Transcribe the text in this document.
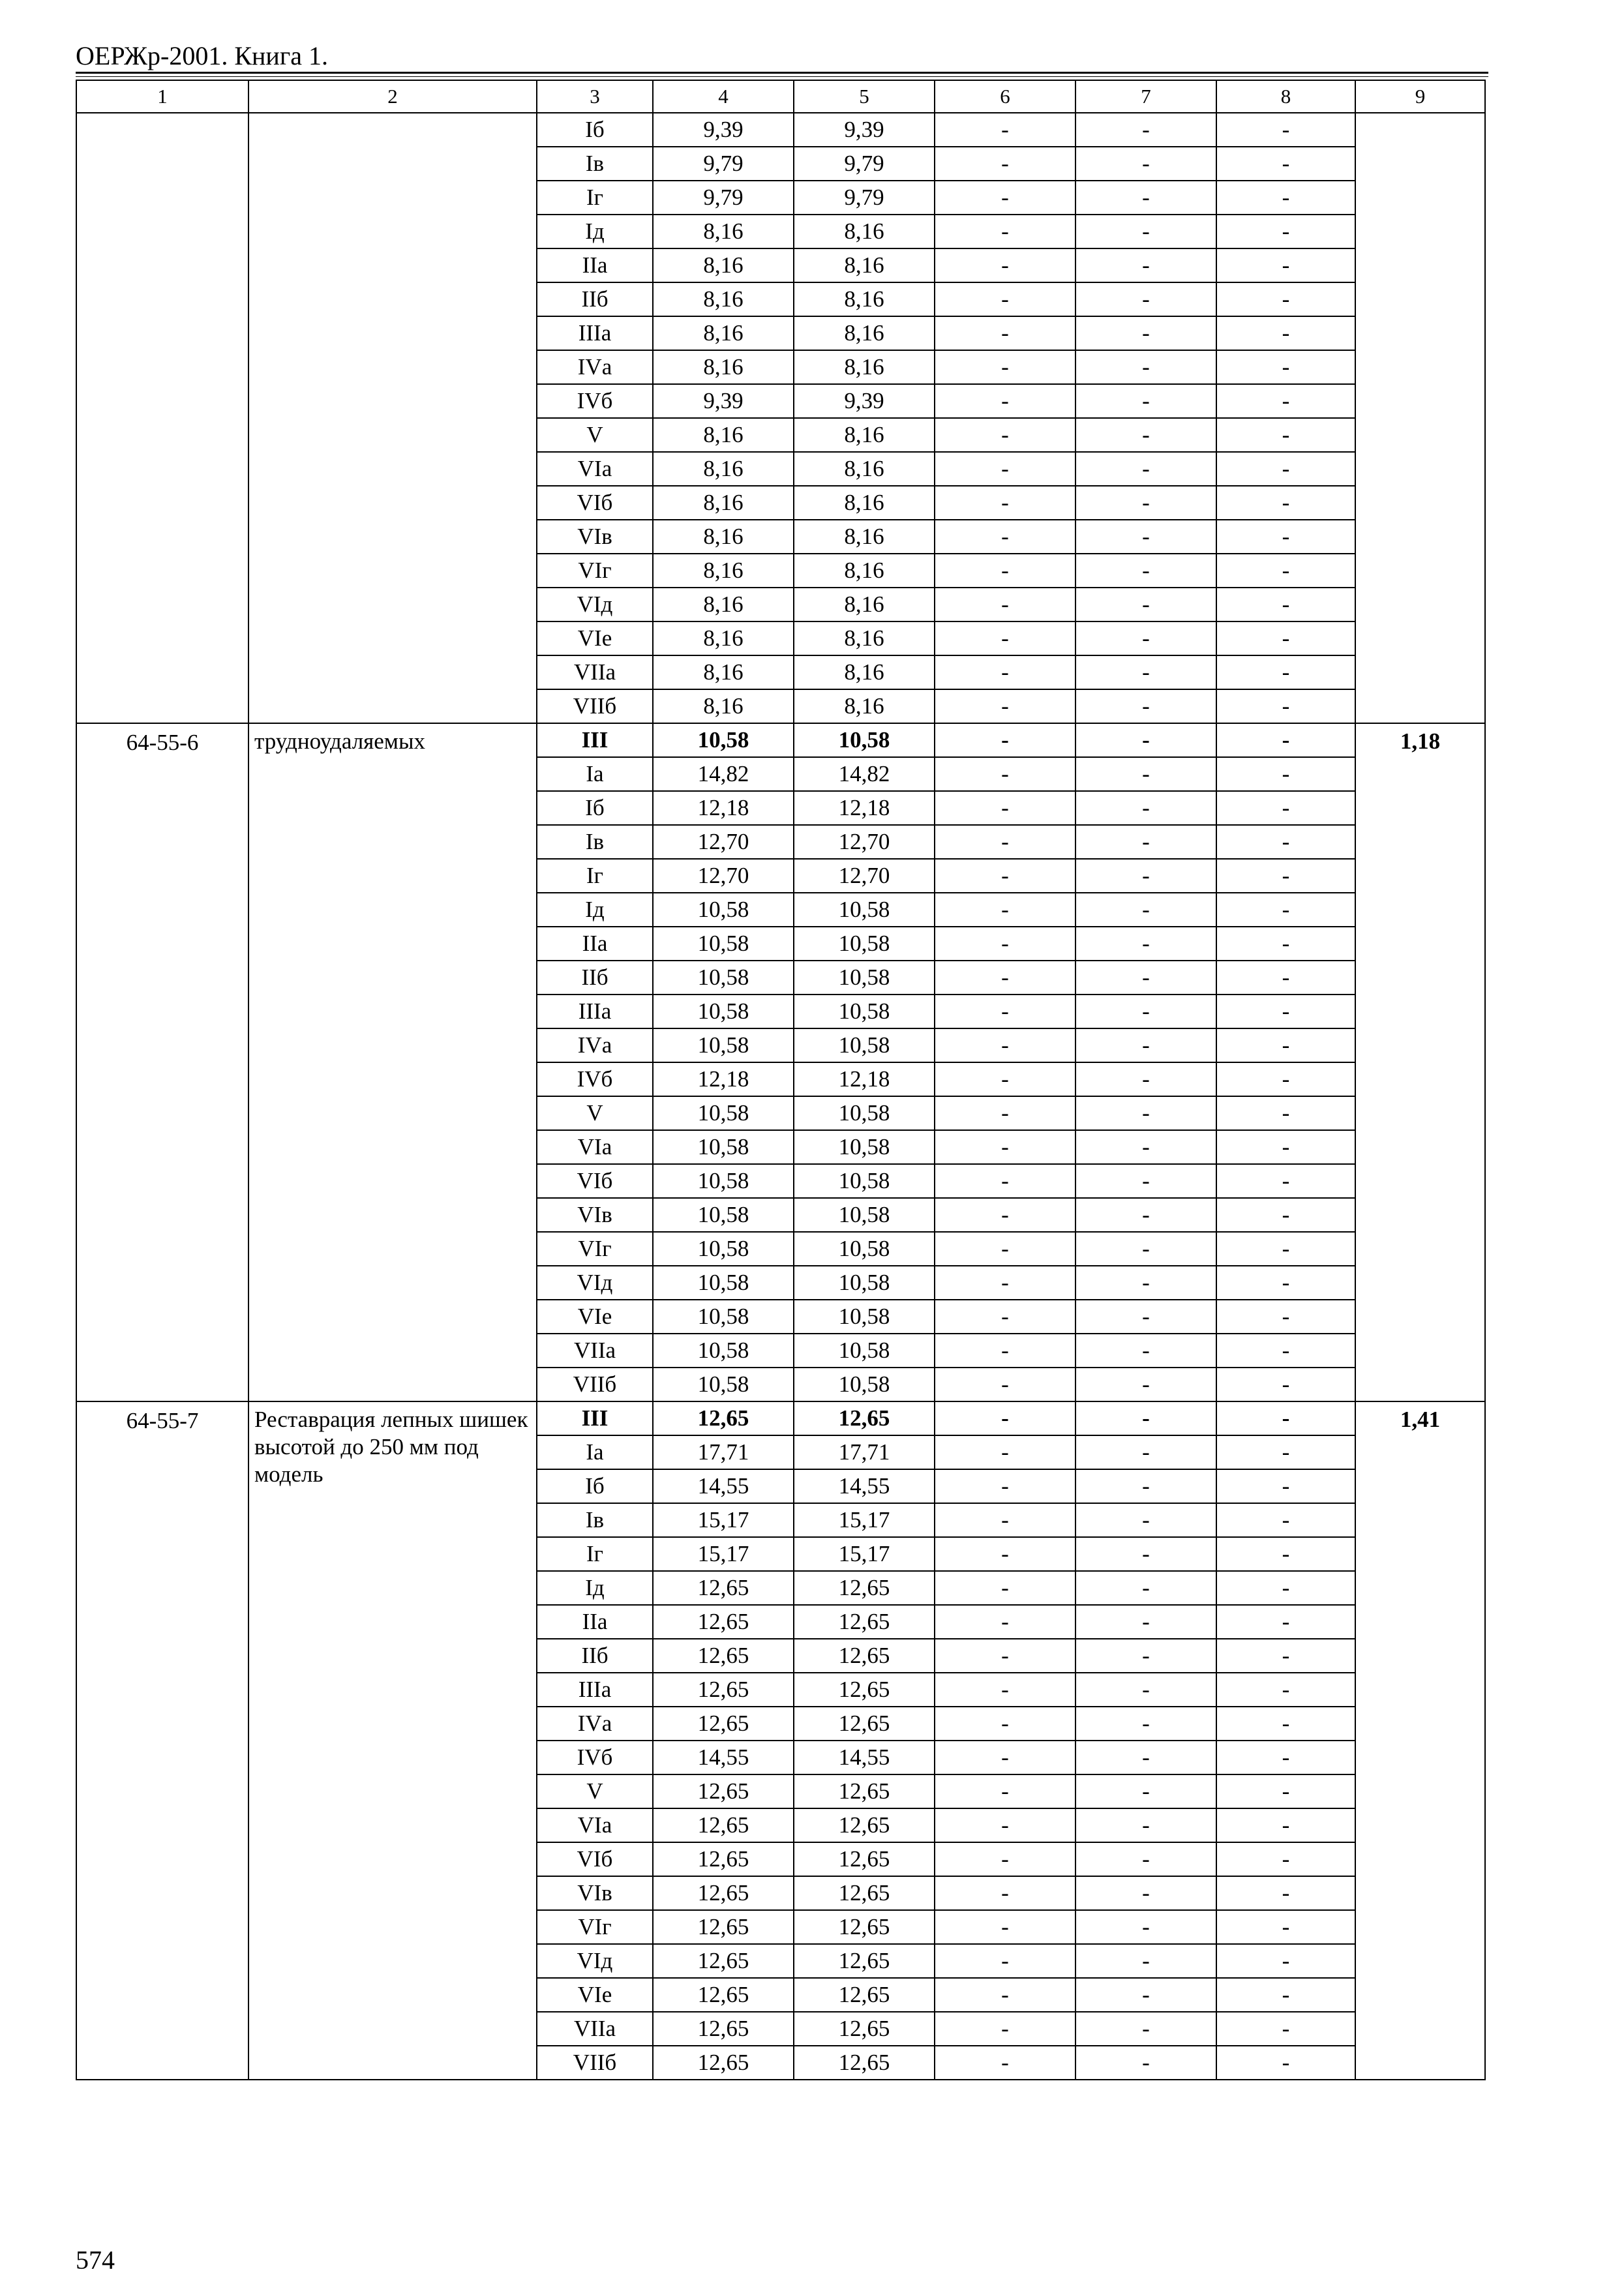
ОЕРЖр-2001. Книга 1.
1	2	3	4	5	6	7	8	9
		Iб	9,39	9,39	-	-	-	
		Iв	9,79	9,79	-	-	-	
		Iг	9,79	9,79	-	-	-	
		Iд	8,16	8,16	-	-	-	
		IIа	8,16	8,16	-	-	-	
		IIб	8,16	8,16	-	-	-	
		IIIа	8,16	8,16	-	-	-	
		IVа	8,16	8,16	-	-	-	
		IVб	9,39	9,39	-	-	-	
		V	8,16	8,16	-	-	-	
		VIа	8,16	8,16	-	-	-	
		VIб	8,16	8,16	-	-	-	
		VIв	8,16	8,16	-	-	-	
		VIг	8,16	8,16	-	-	-	
		VIд	8,16	8,16	-	-	-	
		VIе	8,16	8,16	-	-	-	
		VIIа	8,16	8,16	-	-	-	
		VIIб	8,16	8,16	-	-	-	
64-55-6	трудноудаляемых	III	10,58	10,58	-	-	-	1,18
		Iа	14,82	14,82	-	-	-	
		Iб	12,18	12,18	-	-	-	
		Iв	12,70	12,70	-	-	-	
		Iг	12,70	12,70	-	-	-	
		Iд	10,58	10,58	-	-	-	
		IIа	10,58	10,58	-	-	-	
		IIб	10,58	10,58	-	-	-	
		IIIа	10,58	10,58	-	-	-	
		IVа	10,58	10,58	-	-	-	
		IVб	12,18	12,18	-	-	-	
		V	10,58	10,58	-	-	-	
		VIа	10,58	10,58	-	-	-	
		VIб	10,58	10,58	-	-	-	
		VIв	10,58	10,58	-	-	-	
		VIг	10,58	10,58	-	-	-	
		VIд	10,58	10,58	-	-	-	
		VIе	10,58	10,58	-	-	-	
		VIIа	10,58	10,58	-	-	-	
		VIIб	10,58	10,58	-	-	-	
64-55-7	Реставрация лепных шишек высотой до 250 мм под модель	III	12,65	12,65	-	-	-	1,41
		Iа	17,71	17,71	-	-	-	
		Iб	14,55	14,55	-	-	-	
		Iв	15,17	15,17	-	-	-	
		Iг	15,17	15,17	-	-	-	
		Iд	12,65	12,65	-	-	-	
		IIа	12,65	12,65	-	-	-	
		IIб	12,65	12,65	-	-	-	
		IIIа	12,65	12,65	-	-	-	
		IVа	12,65	12,65	-	-	-	
		IVб	14,55	14,55	-	-	-	
		V	12,65	12,65	-	-	-	
		VIа	12,65	12,65	-	-	-	
		VIб	12,65	12,65	-	-	-	
		VIв	12,65	12,65	-	-	-	
		VIг	12,65	12,65	-	-	-	
		VIд	12,65	12,65	-	-	-	
		VIе	12,65	12,65	-	-	-	
		VIIа	12,65	12,65	-	-	-	
		VIIб	12,65	12,65	-	-	-	
574
